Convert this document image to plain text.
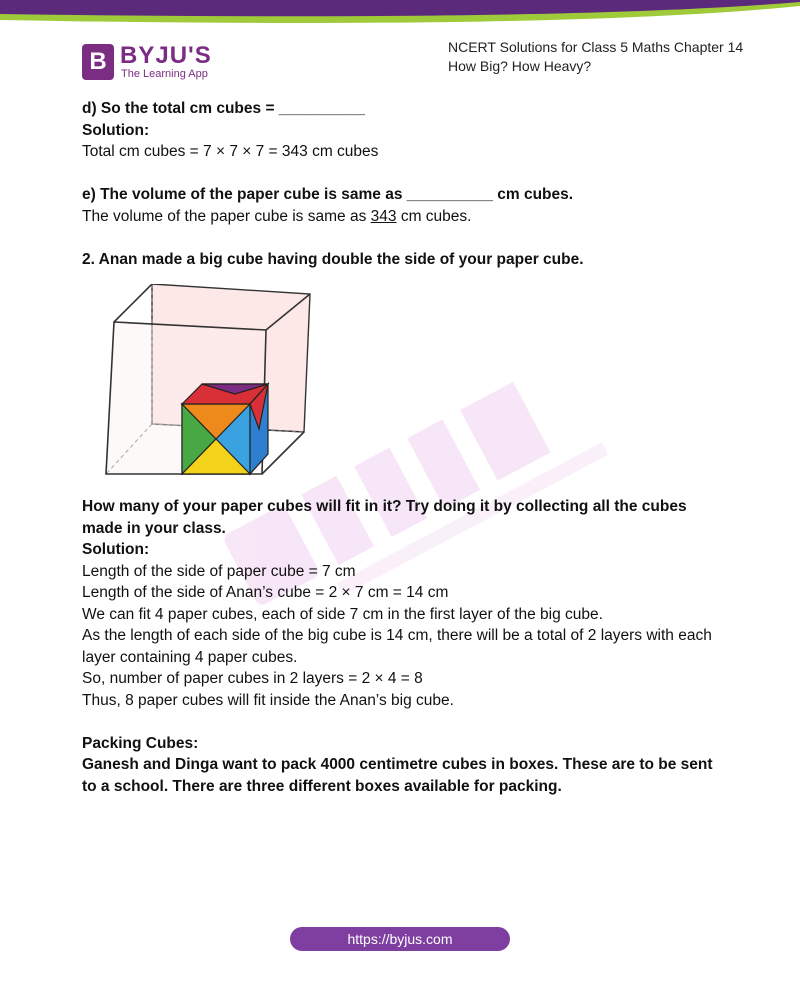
B BYJU'S
The Learning App
NCERT Solutions for Class 5 Maths Chapter 14
How Big? How Heavy?

d) So the total cm cubes = __________

Solution:

Total cm cubes = 7 × 7 × 7 = 343 cm cubes

e) The volume of the paper cube is same as __________ cm cubes.

The volume of the paper cube is same as 343 cm cubes.

2. Anan made a big cube having double the side of your paper cube.

How many of your paper cubes will fit in it? Try doing it by collecting all the cubes made in your class.

Solution:

Length of the side of paper cube = 7 cm

Length of the side of Anan’s cube = 2 × 7 cm = 14 cm

We can fit 4 paper cubes, each of side 7 cm in the first layer of the big cube.

As the length of each side of the big cube is 14 cm, there will be a total of 2 layers with each layer containing 4 paper cubes.

So, number of paper cubes in 2 layers = 2 × 4 = 8

Thus, 8 paper cubes will fit inside the Anan’s big cube.

Packing Cubes:

Ganesh and Dinga want to pack 4000 centimetre cubes in boxes. These are to be sent to a school. There are three different boxes available for packing.

https://byjus.com
